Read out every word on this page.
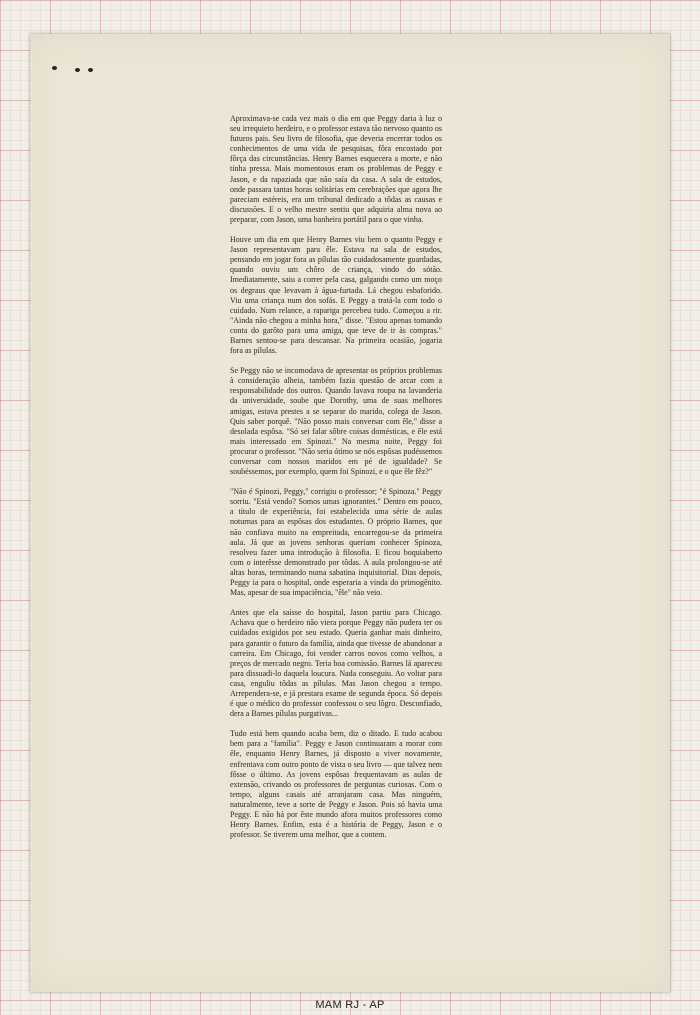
Aproximava-se cada vez mais o dia em que Peggy daria à luz o seu irrequieto herdeiro, e o professor estava tão nervoso quanto os futuros pais. Seu livro de filosofia, que deveria encerrar todos os conhecimentos de uma vida de pesquisas, fôra encostado por fôrça das circunstâncias. Henry Barnes esquecera a morte, e não tinha pressa. Mais momentosos eram os problemas de Peggy e Jason, e da rapaziada que não saía da casa. A sala de estudos, onde passara tantas horas solitárias em cerebrações que agora lhe pareciam estéreis, era um tribunal dedicado a tôdas as causas e discussões. E o velho mestre sentiu que adquiria alma nova ao preparar, com Jason, uma banheira portátil para o que vinha.

Houve um dia em que Henry Barnes viu bem o quanto Peggy e Jason representavam para êle. Estava na sala de estudos, pensando em jogar fora as pílulas tão cuidadosamente guardadas, quando ouviu um chôro de criança, vindo do sótão. Imediatamente, saiu a correr pela casa, galgando como um moço os degraus que levavam à água-furtada. Lá chegou esbaforido. Viu uma criança num dos sofás. E Peggy a tratá-la com todo o cuidado. Num relance, a rapariga percebeu tudo. Começou a rir. "Ainda não chegou a minha hora," disse. "Estou apenas tomando conta do garôto para uma amiga, que teve de ir às compras." Barnes sentou-se para descansar. Na primeira ocasião, jogaria fora as pílulas.

Se Peggy não se incomodava de apresentar os próprios problemas à consideração alheia, também fazia questão de arcar com a responsabilidade dos outros. Quando lavava roupa na lavanderia da universidade, soube que Dorothy, uma de suas melhores amigas, estava prestes a se separar do marido, colega de Jason. Quis saber porquê. "Não posso mais conversar com êle," disse a desolada espôsa. "Só sei falar sôbre coisas domésticas, e êle está mais interessado em Spinozi." Na mesma noite, Peggy foi procurar o professor. "Não seria ótimo se nós espôsas pudéssemos conversar com nossos maridos em pé de igualdade? Se soubéssemos, por exemplo, quem foi Spinozi, e o que êle fêz?"

"Não é Spinozi, Peggy," corrigiu o professor; "é Spinoza." Peggy sorriu. "Está vendo? Somos umas ignorantes." Dentro em pouco, a título de experiência, foi estabelecida uma série de aulas noturnas para as espôsas dos estudantes. O próprio Barnes, que não confiava muito na empreitada, encarregou-se da primeira aula. Já que as jovens senhoras queriam conhecer Spinoza, resolveu fazer uma introdução à filosofia. E ficou boquiaberto com o interêsse demonstrado por tôdas. A aula prolongou-se até altas horas, terminando numa sabatina inquisitorial. Dias depois, Peggy ia para o hospital, onde esperaria a vinda do primogênito. Mas, apesar de sua impaciência, "êle" não veio.

Antes que ela saísse do hospital, Jason partiu para Chicago. Achava que o herdeiro não viera porque Peggy não pudera ter os cuidados exigidos por seu estado. Queria ganhar mais dinheiro, para garantir o futuro da família, ainda que tivesse de abandonar a carreira. Em Chicago, foi vender carros novos como velhos, a preços de mercado negro. Teria boa comissão. Barnes lá apareceu para dissuadi-lo daquela loucura. Nada conseguiu. Ao voltar para casa, enguliu tôdas as pílulas. Mas Jason chegou a tempo. Arrependera-se, e já prestara exame de segunda época. Só depois é que o médico do professor confessou o seu lôgro. Desconfiado, dera a Barnes pílulas purgativas...

Tudo está bem quando acaba bem, diz o ditado. E tudo acabou bem para a "família". Peggy e Jason continuaram a morar com êle, enquanto Henry Barnes, já disposto a viver novamente, enfrentava com outro ponto de vista o seu livro — que talvez nem fôsse o último. As jovens espôsas frequentavam as aulas de extensão, crivando os professores de perguntas curiosas. Com o tempo, alguns casais até arranjaram casa. Mas ninguém, naturalmente, teve a sorte de Peggy e Jason. Pois só havia uma Peggy. E não há por êste mundo afora muitos professores como Henry Barnes. Enfim, esta é a história de Peggy, Jason e o professor. Se tiverem uma melhor, que a contem.

MAM RJ - AP
